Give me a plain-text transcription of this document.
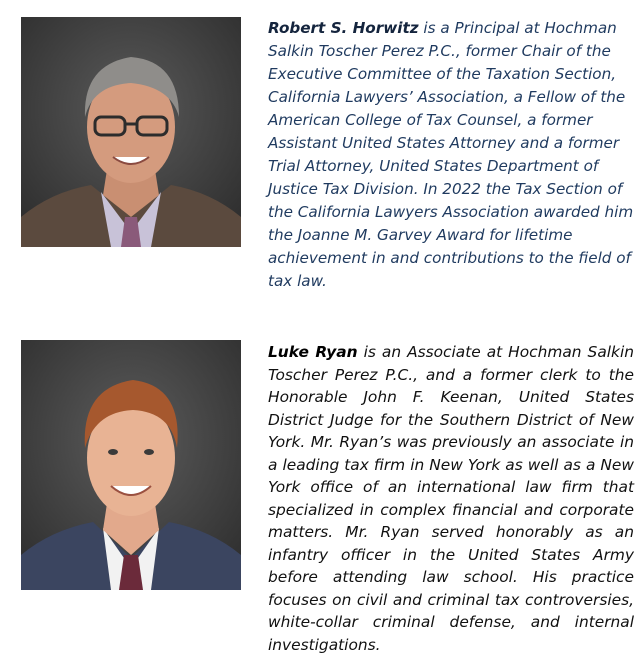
Robert S. Horwitz is a Principal at Hochman Salkin Toscher Perez P.C., former Chair of the Executive Committee of the Taxation Section, California Lawyers’ Association, a Fellow of the American College of Tax Counsel, a former Assistant United States Attorney and a former Trial Attorney, United States Department of Justice Tax Division. In 2022 the Tax Section of the California Lawyers Association awarded him the Joanne M. Garvey Award for lifetime achievement in and contributions to the field of tax law.

Luke Ryan is an Associate at Hochman Salkin Toscher Perez P.C., and a former clerk to the Honorable John F. Keenan, United States District Judge for the Southern District of New York. Mr. Ryan’s was previously an associate in a leading tax firm in New York as well as a New York office of an international law firm that specialized in complex financial and corporate matters. Mr. Ryan served honorably as an infantry officer in the United States Army before attending law school. His practice focuses on civil and criminal tax controversies, white-collar criminal defense, and internal investigations.
